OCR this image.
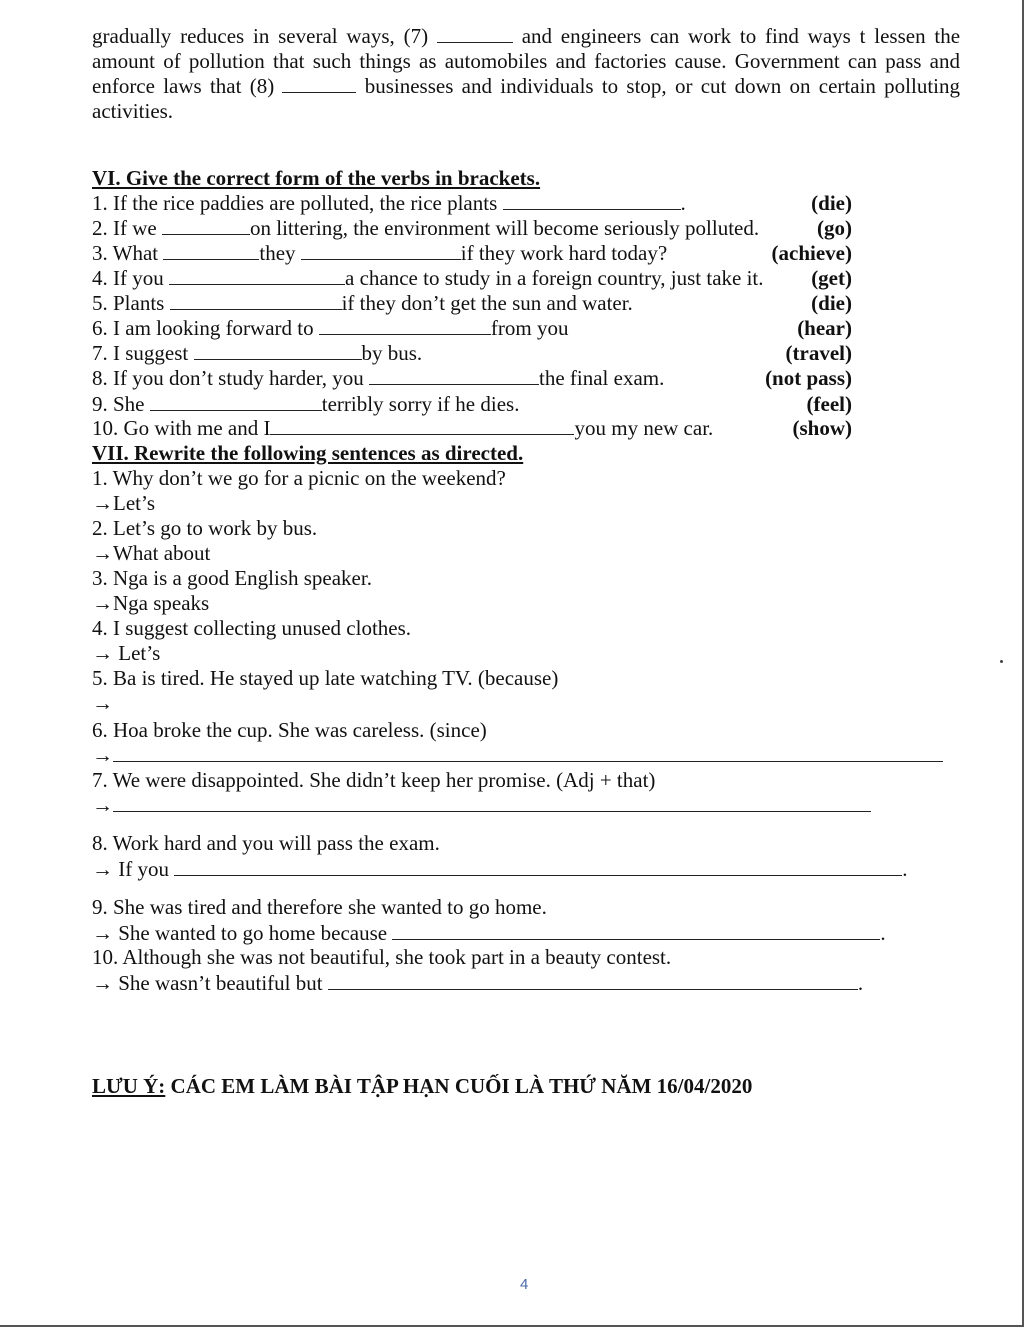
gradually reduces in several ways, (7)	and engineers can work to find ways t lessen the amount of pollution that such things as automobiles and factories cause. Government can pass and enforce laws that (8)	businesses and individuals to stop, or cut down on certain polluting activities.
VI. Give the correct form of the verbs in brackets.
1. If the rice paddies are polluted, the rice plants	.	(die)
2. If we	on littering, the environment will become seriously polluted.	(go)
3. What	they	if they work hard today?	(achieve)
4. If you	a chance to study in a foreign country, just take it. (get)
5. Plants	if they don’t get the sun and water.	(die)
6. I am looking forward to	from you	(hear)
7. I suggest	by bus.	(travel)
8. If you don’t study harder, you	the final exam.	(not pass)
9. She	terribly sorry if he dies.	(feel)
10. Go with me and I	you my new car.	(show)
VII. Rewrite the following sentences as directed.
1. Why don’t we go for a picnic on the weekend?
→Let’s
2. Let’s go to work by bus.
→What about
3. Nga is a good English speaker.
→Nga speaks
4. I suggest collecting unused clothes.
→ Let’s
5. Ba is tired. He stayed up late watching TV. (because)
→
6. Hoa broke the cup. She was careless. (since)
→
7. We were disappointed. She didn’t keep her promise. (Adj + that)
→
8. Work hard and you will pass the exam.
→ If you	.
9. She was tired and therefore she wanted to go home.
→ She wanted to go home because	.
10. Although she was not beautiful, she took part in a beauty contest.
→ She wasn’t beautiful but	.
LƯU Ý: CÁC EM LÀM BÀI TẬP HẠN CUỐI LÀ THỨ NĂM 16/04/2020
4
